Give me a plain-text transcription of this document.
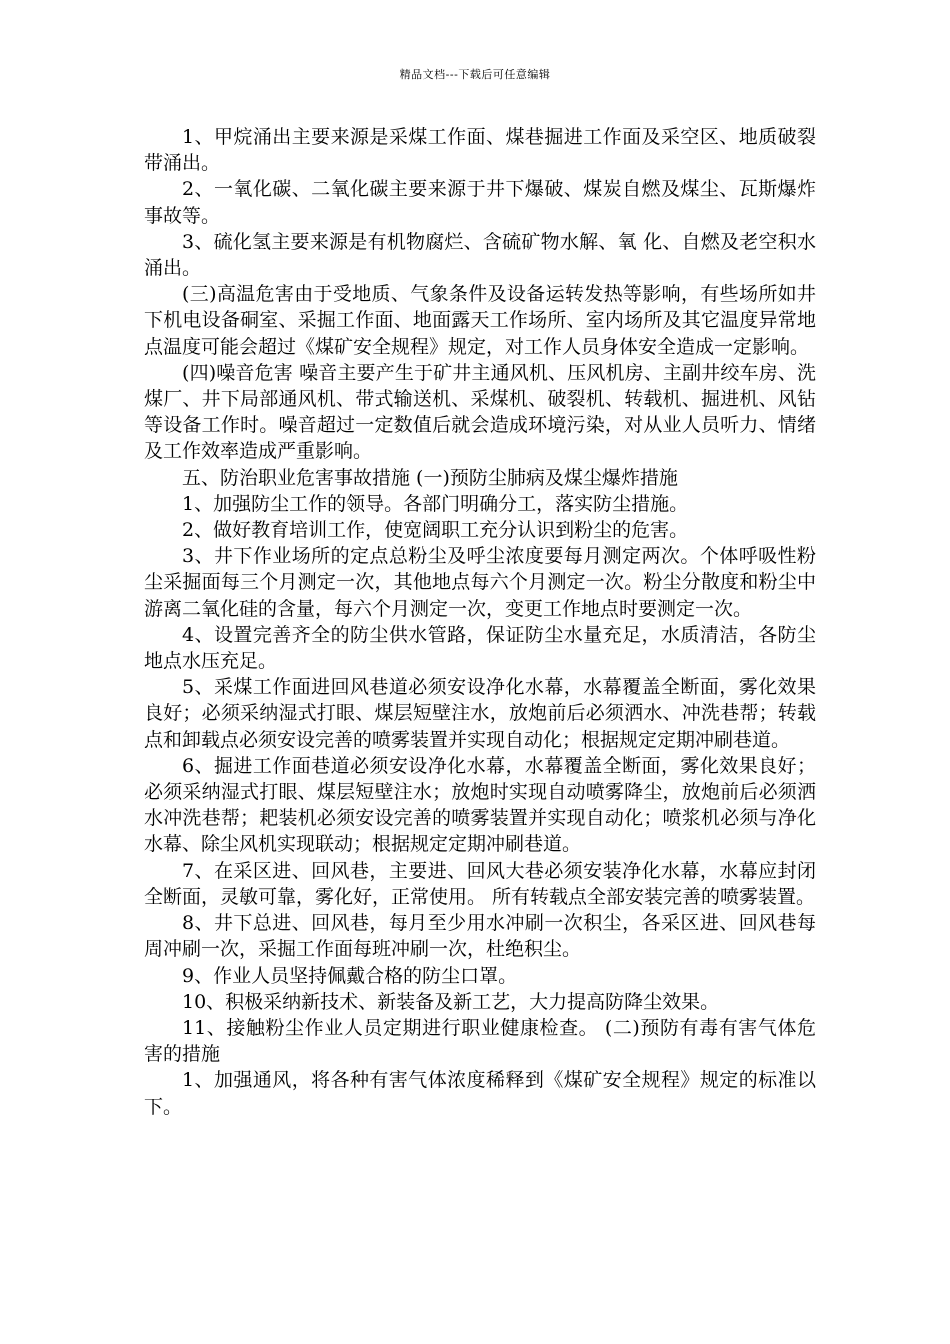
精品文档---下载后可任意编辑

1、甲烷涌出主要来源是采煤工作面、煤巷掘进工作面及采空区、地质破裂带涌出。

2、一氧化碳、二氧化碳主要来源于井下爆破、煤炭自燃及煤尘、瓦斯爆炸事故等。

3、硫化氢主要来源是有机物腐烂、含硫矿物水解、氧 化、自燃及老空积水涌出。

(三)高温危害由于受地质、气象条件及设备运转发热等影响，有些场所如井下机电设备硐室、采掘工作面、地面露天工作场所、室内场所及其它温度异常地点温度可能会超过《煤矿安全规程》规定，对工作人员身体安全造成一定影响。

(四)噪音危害 噪音主要产生于矿井主通风机、压风机房、主副井绞车房、洗煤厂、井下局部通风机、带式输送机、采煤机、破裂机、转载机、掘进机、风钻等设备工作时。噪音超过一定数值后就会造成环境污染，对从业人员听力、情绪及工作效率造成严重影响。

五、防治职业危害事故措施 (一)预防尘肺病及煤尘爆炸措施

1、加强防尘工作的领导。各部门明确分工，落实防尘措施。

2、做好教育培训工作，使宽阔职工充分认识到粉尘的危害。

3、井下作业场所的定点总粉尘及呼尘浓度要每月测定两次。个体呼吸性粉尘采掘面每三个月测定一次，其他地点每六个月测定一次。粉尘分散度和粉尘中游离二氧化硅的含量，每六个月测定一次，变更工作地点时要测定一次。

4、设置完善齐全的防尘供水管路，保证防尘水量充足，水质清洁，各防尘地点水压充足。

5、采煤工作面进回风巷道必须安设净化水幕，水幕覆盖全断面，雾化效果良好；必须采纳湿式打眼、煤层短壁注水，放炮前后必须洒水、冲洗巷帮；转载点和卸载点必须安设完善的喷雾装置并实现自动化；根据规定定期冲刷巷道。

6、掘进工作面巷道必须安设净化水幕，水幕覆盖全断面，雾化效果良好；必须采纳湿式打眼、煤层短壁注水；放炮时实现自动喷雾降尘，放炮前后必须洒水冲洗巷帮；耙装机必须安设完善的喷雾装置并实现自动化；喷浆机必须与净化水幕、除尘风机实现联动；根据规定定期冲刷巷道。

7、在采区进、回风巷，主要进、回风大巷必须安装净化水幕，水幕应封闭全断面，灵敏可靠，雾化好，正常使用。 所有转载点全部安装完善的喷雾装置。

8、井下总进、回风巷，每月至少用水冲刷一次积尘，各采区进、回风巷每周冲刷一次，采掘工作面每班冲刷一次，杜绝积尘。

9、作业人员坚持佩戴合格的防尘口罩。

10、积极采纳新技术、新装备及新工艺，大力提高防降尘效果。

11、接触粉尘作业人员定期进行职业健康检查。 (二)预防有毒有害气体危害的措施

1、加强通风，将各种有害气体浓度稀释到《煤矿安全规程》规定的标准以下。
